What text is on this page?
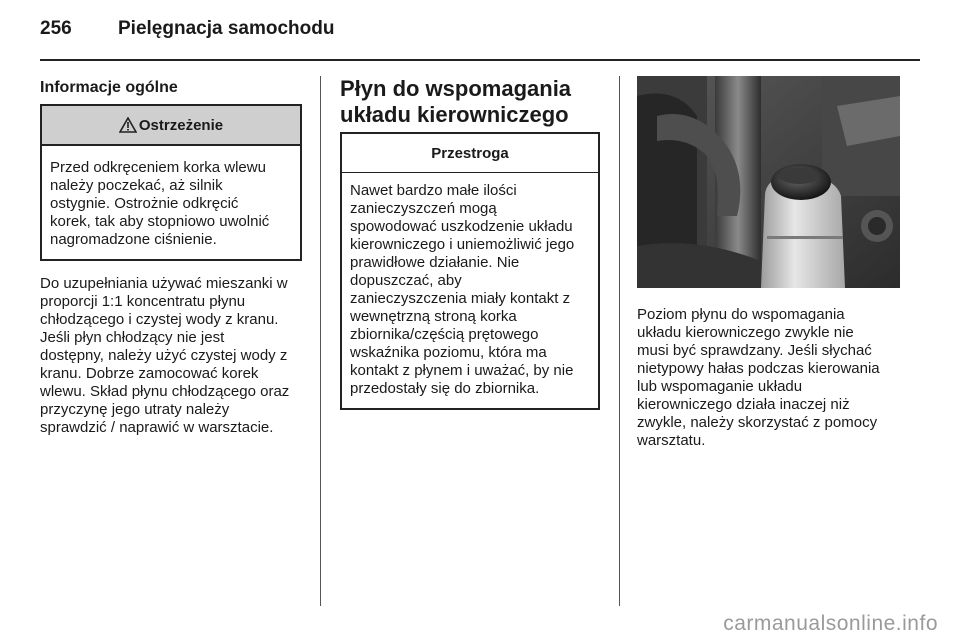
256 Pielęgnacja samochodu
Informacje ogólne
Ostrzeżenie
Przed odkręceniem korka wlewu
należy poczekać, aż silnik
ostygnie. Ostrożnie odkręcić
korek, tak aby stopniowo uwolnić
nagromadzone ciśnienie.
Do uzupełniania używać mieszanki w
proporcji 1:1 koncentratu płynu
chłodzącego i czystej wody z kranu.
Jeśli płyn chłodzący nie jest
dostępny, należy użyć czystej wody z
kranu. Dobrze zamocować korek
wlewu. Skład płynu chłodzącego oraz
przyczynę jego utraty należy
sprawdzić / naprawić w warsztacie.
Płyn do wspomagania
układu kierowniczego
Przestroga
Nawet bardzo małe ilości
zanieczyszczeń mogą
spowodować uszkodzenie układu
kierowniczego i uniemożliwić jego
prawidłowe działanie. Nie
dopuszczać, aby
zanieczyszczenia miały kontakt z
wewnętrzną stroną korka
zbiornika/częścią prętowego
wskaźnika poziomu, która ma
kontakt z płynem i uważać, by nie
przedostały się do zbiornika.
Poziom płynu do wspomagania
układu kierowniczego zwykle nie
musi być sprawdzany. Jeśli słychać
nietypowy hałas podczas kierowania
lub wspomaganie układu
kierowniczego działa inaczej niż
zwykle, należy skorzystać z pomocy
warsztatu.
carmanualsonline.info
